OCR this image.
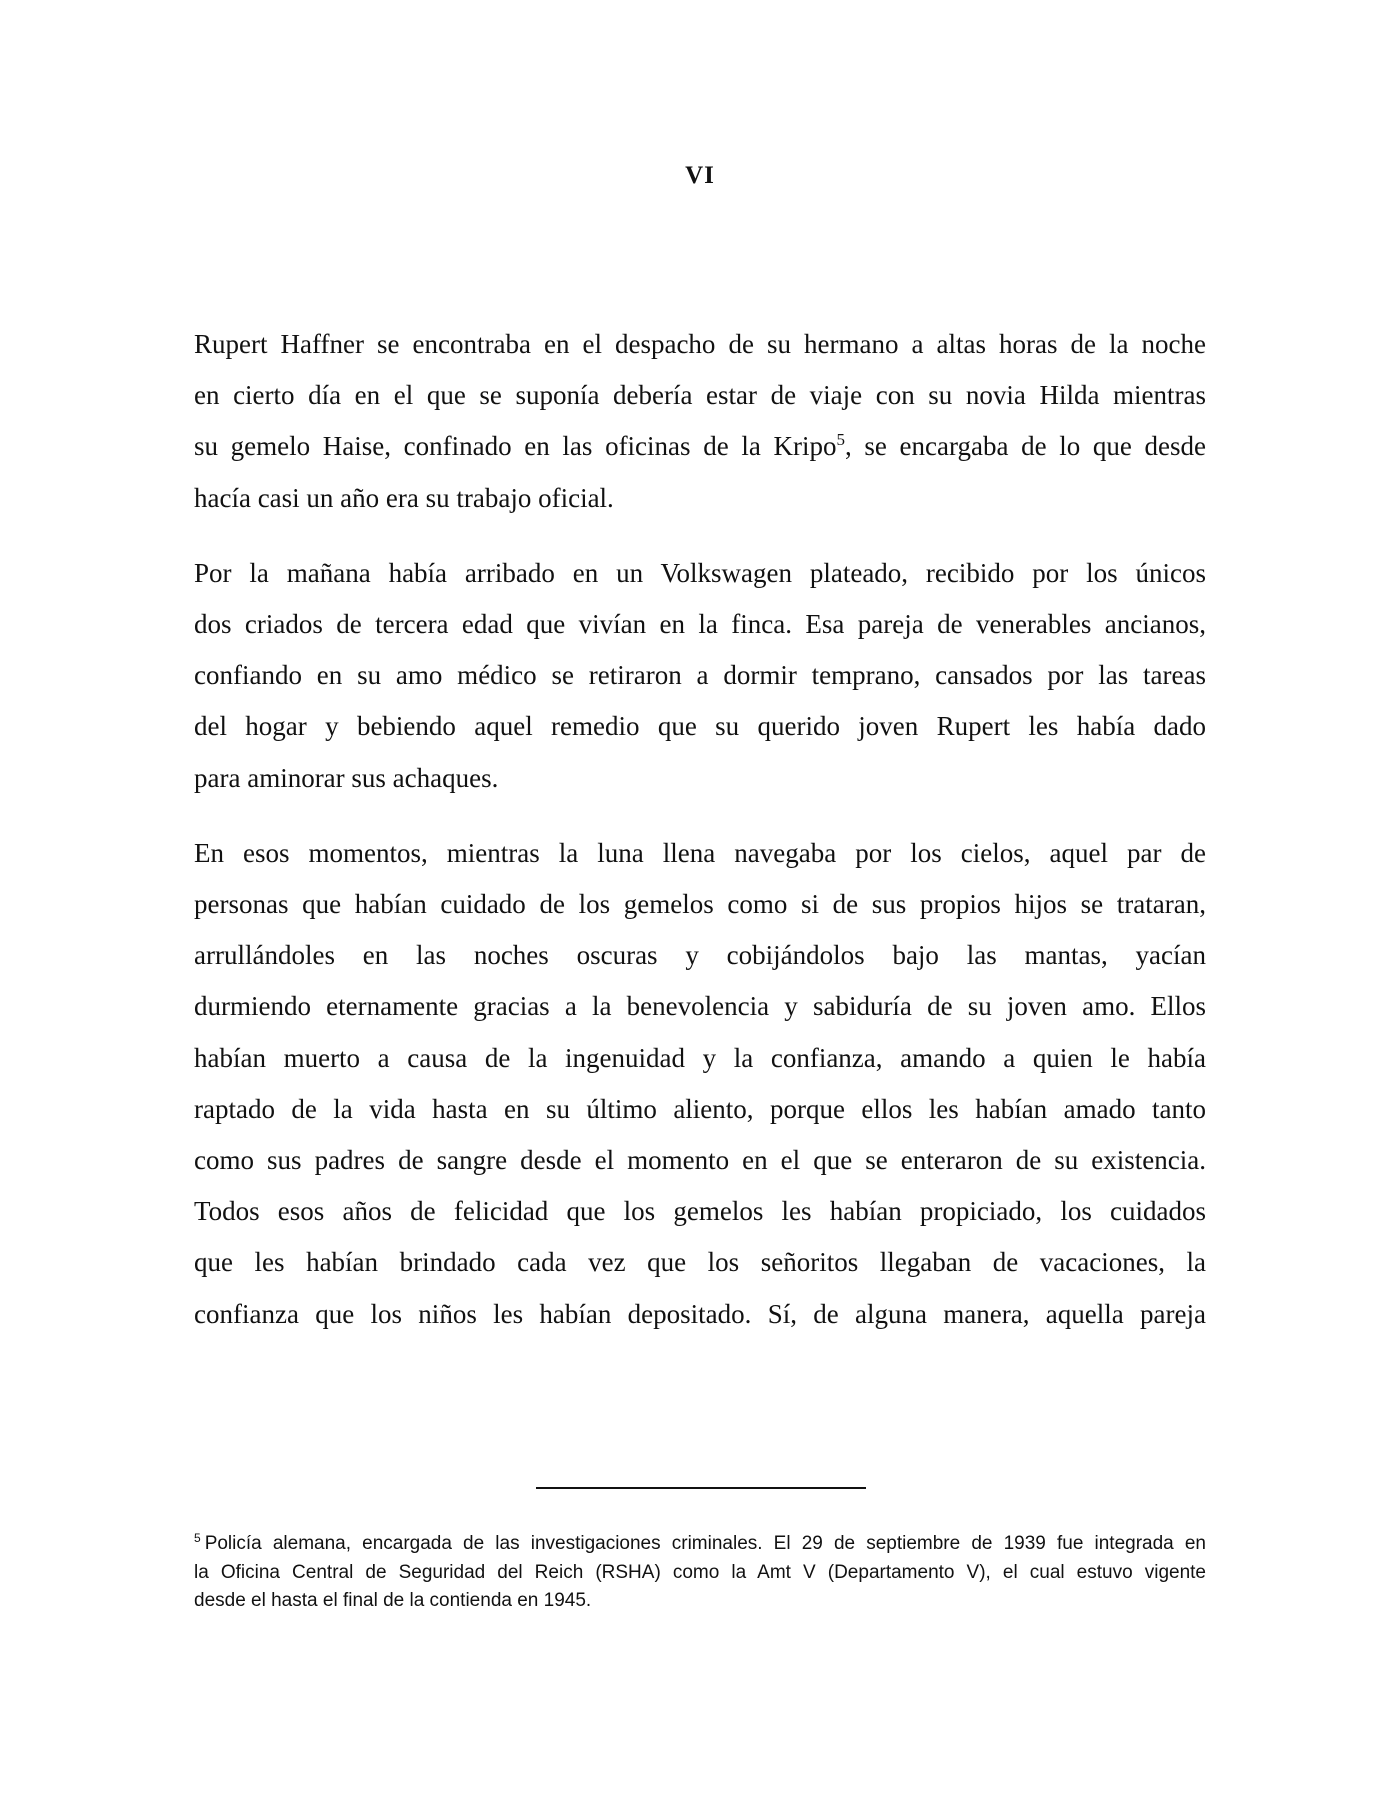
VI

Rupert Haffner se encontraba en el despacho de su hermano a altas horas de la noche
en cierto día en el que se suponía debería estar de viaje con su novia Hilda mientras
su gemelo Haise, confinado en las oficinas de la Kripo$^5$, se encargaba de lo que desde
hacía casi un año era su trabajo oficial.

Por la mañana había arribado en un Volkswagen plateado, recibido por los únicos
dos criados de tercera edad que vivían en la finca. Esa pareja de venerables ancianos,
confiando en su amo médico se retiraron a dormir temprano, cansados por las tareas
del hogar y bebiendo aquel remedio que su querido joven Rupert les había dado
para aminorar sus achaques.

En esos momentos, mientras la luna llena navegaba por los cielos, aquel par de
personas que habían cuidado de los gemelos como si de sus propios hijos se trataran,
arrullándoles en las noches oscuras y cobijándolos bajo las mantas, yacían
durmiendo eternamente gracias a la benevolencia y sabiduría de su joven amo. Ellos
habían muerto a causa de la ingenuidad y la confianza, amando a quien le había
raptado de la vida hasta en su último aliento, porque ellos les habían amado tanto
como sus padres de sangre desde el momento en el que se enteraron de su existencia.
Todos esos años de felicidad que los gemelos les habían propiciado, los cuidados
que les habían brindado cada vez que los señoritos llegaban de vacaciones, la
confianza que los niños les habían depositado. Sí, de alguna manera, aquella pareja

$^5$ Policía alemana, encargada de las investigaciones criminales. El 29 de septiembre de 1939 fue integrada en
la Oficina Central de Seguridad del Reich (RSHA) como la Amt V (Departamento V), el cual estuvo vigente
desde el hasta el final de la contienda en 1945.
